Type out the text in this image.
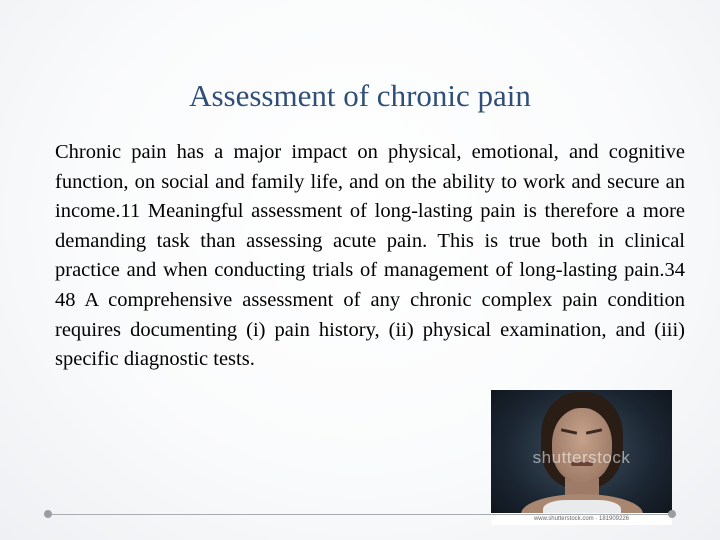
Assessment of chronic pain

Chronic pain has a major impact on physical, emotional, and cognitive function, on social and family life, and on the ability to work and secure an income.11 Meaningful assessment of long-lasting pain is therefore a more demanding task than assessing acute pain. This is true both in clinical practice and when conducting trials of management of long-lasting pain.34 48 A comprehensive assessment of any chronic complex pain condition requires documenting (i) pain history, (ii) physical examination, and (iii) specific diagnostic tests.

shutterstock
www.shutterstock.com · 181909226
